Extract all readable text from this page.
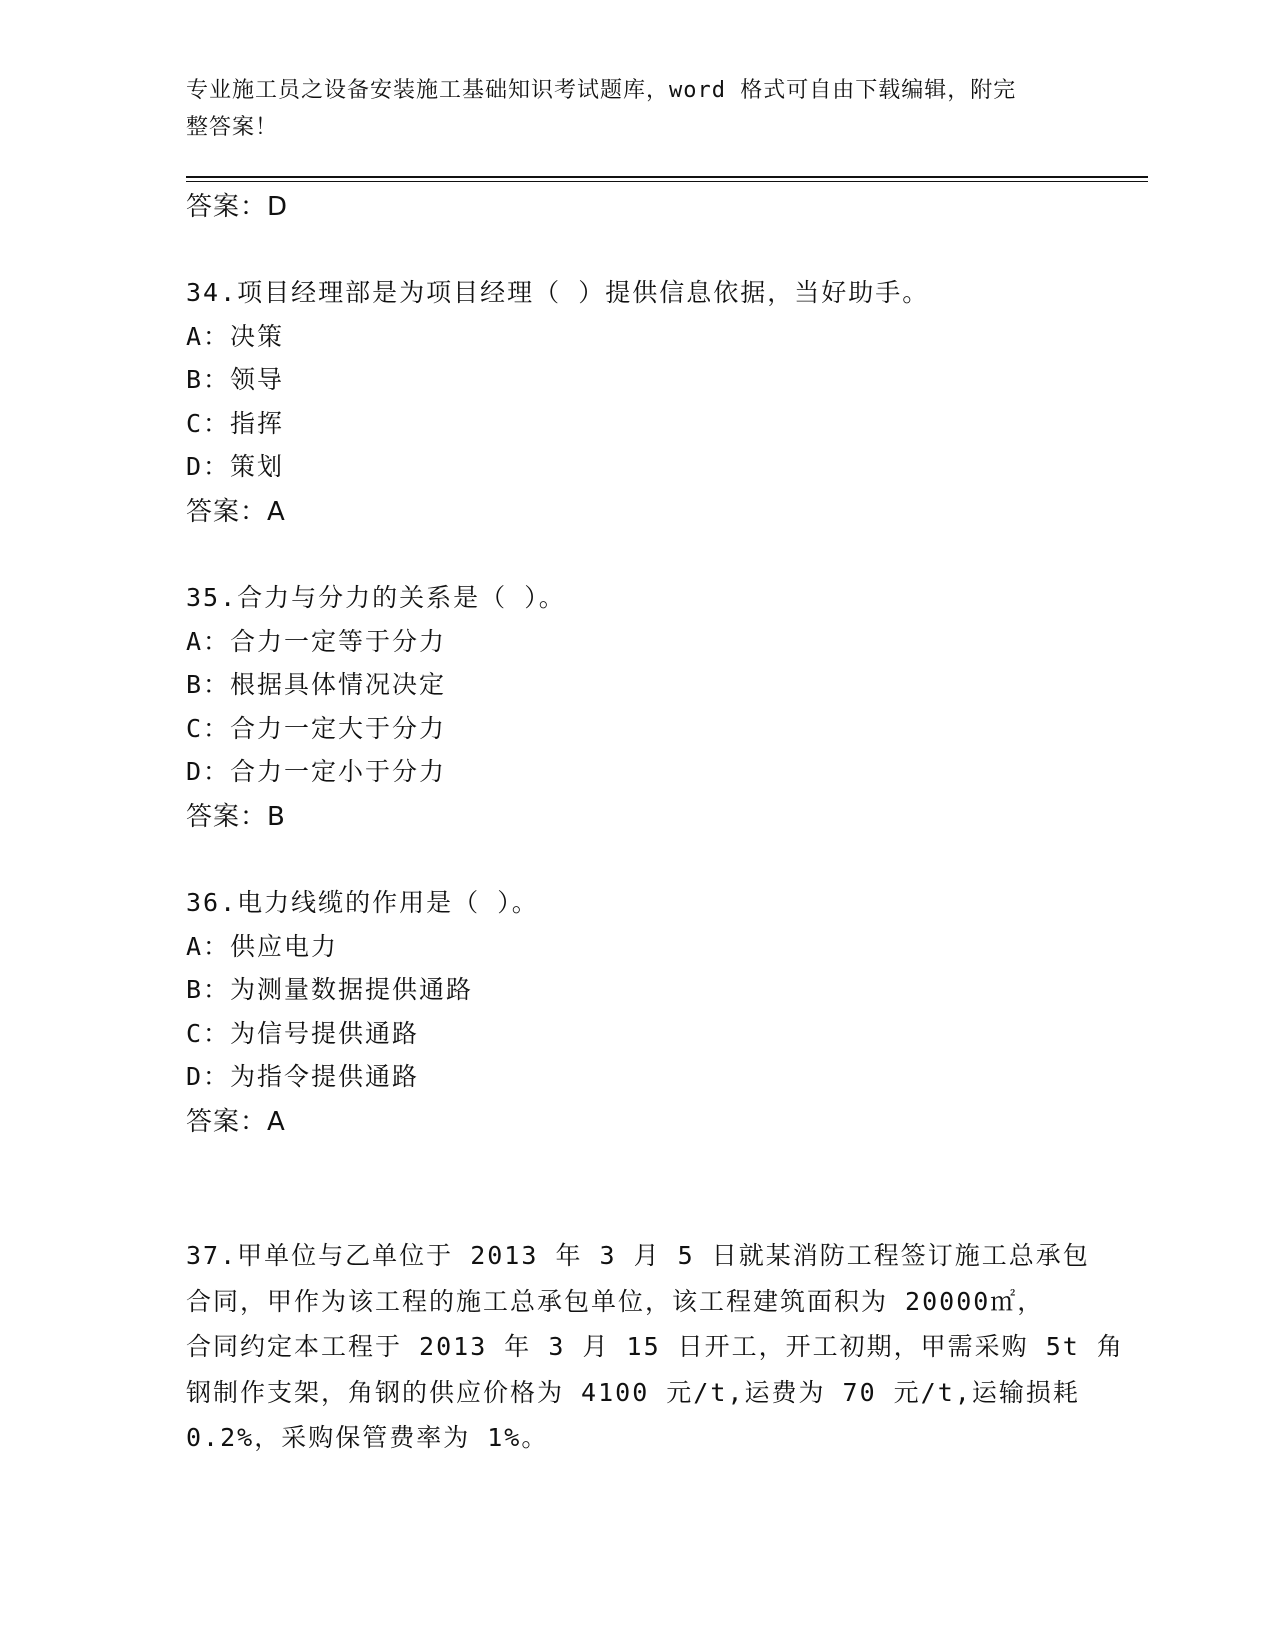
专业施工员之设备安装施工基础知识考试题库，word 格式可自由下载编辑，附完
整答案！
答案：D
34.项目经理部是为项目经理（ ）提供信息依据，当好助手。
A：决策
B：领导
C：指挥
D：策划
答案：A
35.合力与分力的关系是（ ）。
A：合力一定等于分力
B：根据具体情况决定
C：合力一定大于分力
D：合力一定小于分力
答案：B
36.电力线缆的作用是（ ）。
A：供应电力
B：为测量数据提供通路
C：为信号提供通路
D：为指令提供通路
答案：A
37.甲单位与乙单位于 2013 年 3 月 5 日就某消防工程签订施工总承包
合同，甲作为该工程的施工总承包单位，该工程建筑面积为 20000㎡，
合同约定本工程于 2013 年 3 月 15 日开工，开工初期，甲需采购 5t 角
钢制作支架，角钢的供应价格为 4100 元/t,运费为 70 元/t,运输损耗
0.2%，采购保管费率为 1%。
